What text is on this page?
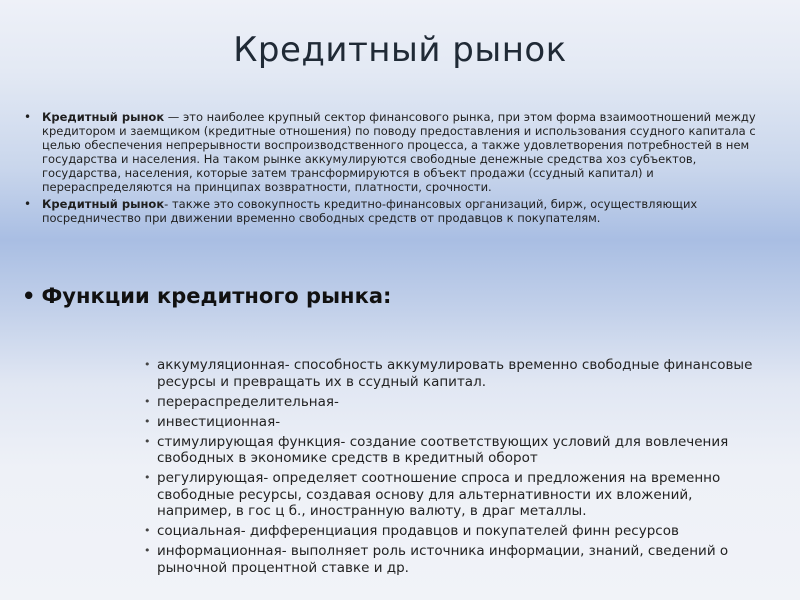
Кредитный рынок
• Кредитный рынок — это наиболее крупный сектор финансового рынка, при этом форма взаимоотношений между кредитором и заемщиком (кредитные отношения) по поводу предоставления и использования ссудного капитала с целью обеспечения непрерывности воспроизводственного процесса, а также удовлетворения потребностей в нем государства и населения. На таком рынке аккумулируются свободные денежные средства хоз субъектов, государства, населения, которые затем трансформируются в объект продажи (ссудный капитал) и перераспределяются на принципах возвратности, платности, срочности.
• Кредитный рынок- также это совокупность кредитно-финансовых организаций, бирж, осуществляющих посредничество при движении временно свободных средств от продавцов к покупателям.
• Функции кредитного рынка:
• аккумуляционная- способность аккумулировать временно свободные финансовые ресурсы и превращать их в ссудный капитал.
• перераспределительная-
• инвестиционная-
• стимулирующая функция- создание соответствующих условий для вовлечения свободных в экономике средств в кредитный оборот
• регулирующая- определяет соотношение спроса и предложения на временно свободные ресурсы, создавая основу для альтернативности их вложений, например, в гос ц б., иностранную валюту, в драг металлы.
• социальная- дифференциация продавцов и покупателей финн ресурсов
• информационная- выполняет роль источника информации, знаний, сведений о рыночной процентной ставке и др.
